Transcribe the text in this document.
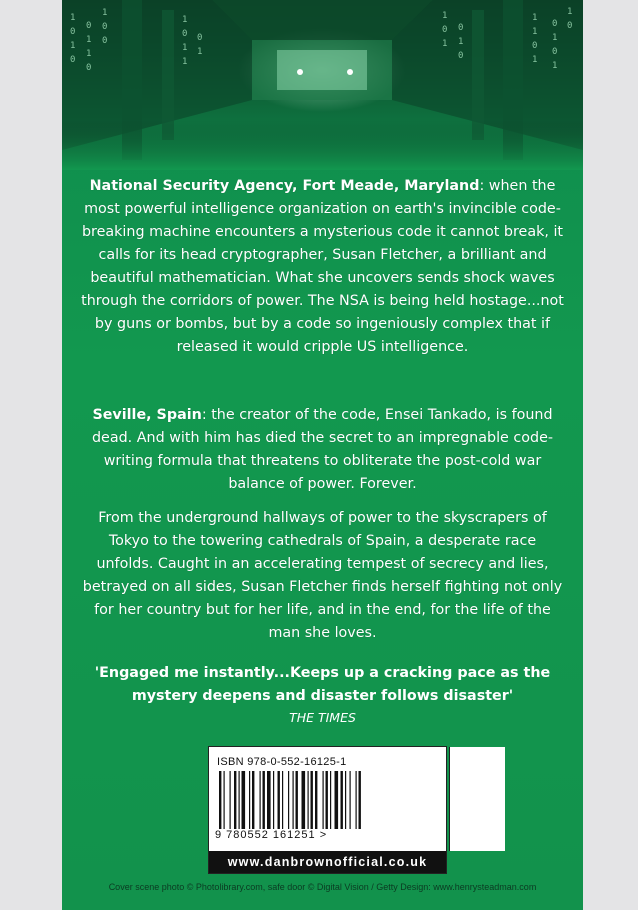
1
0
1
0
0
1
1
0
1
0
0
1
0
1
1
0
1
1
0
1
0
1
0
1
1
0
1
0
1
0
1
1
0

National Security Agency, Fort Meade, Maryland: when the most powerful intelligence organization on earth's invincible code-breaking machine encounters a mysterious code it cannot break, it calls for its head cryptographer, Susan Fletcher, a brilliant and beautiful mathematician. What she uncovers sends shock waves through the corridors of power. The NSA is being held hostage...not by guns or bombs, but by a code so ingeniously complex that if released it would cripple US intelligence.

Seville, Spain: the creator of the code, Ensei Tankado, is found dead. And with him has died the secret to an impregnable code-writing formula that threatens to obliterate the post-cold war balance of power. Forever.

From the underground hallways of power to the skyscrapers of Tokyo to the towering cathedrals of Spain, a desperate race unfolds. Caught in an accelerating tempest of secrecy and lies, betrayed on all sides, Susan Fletcher finds herself fighting not only for her country but for her life, and in the end, for the life of the man she loves.

'Engaged me instantly...Keeps up a cracking pace as the mystery deepens and disaster follows disaster'

THE TIMES
ISBN 978-0-552-16125-1
9 780552 161251 >
www.danbrownofficial.co.uk
Cover scene photo © Photolibrary.com, safe door © Digital Vision / Getty Design: www.henrysteadman.com
